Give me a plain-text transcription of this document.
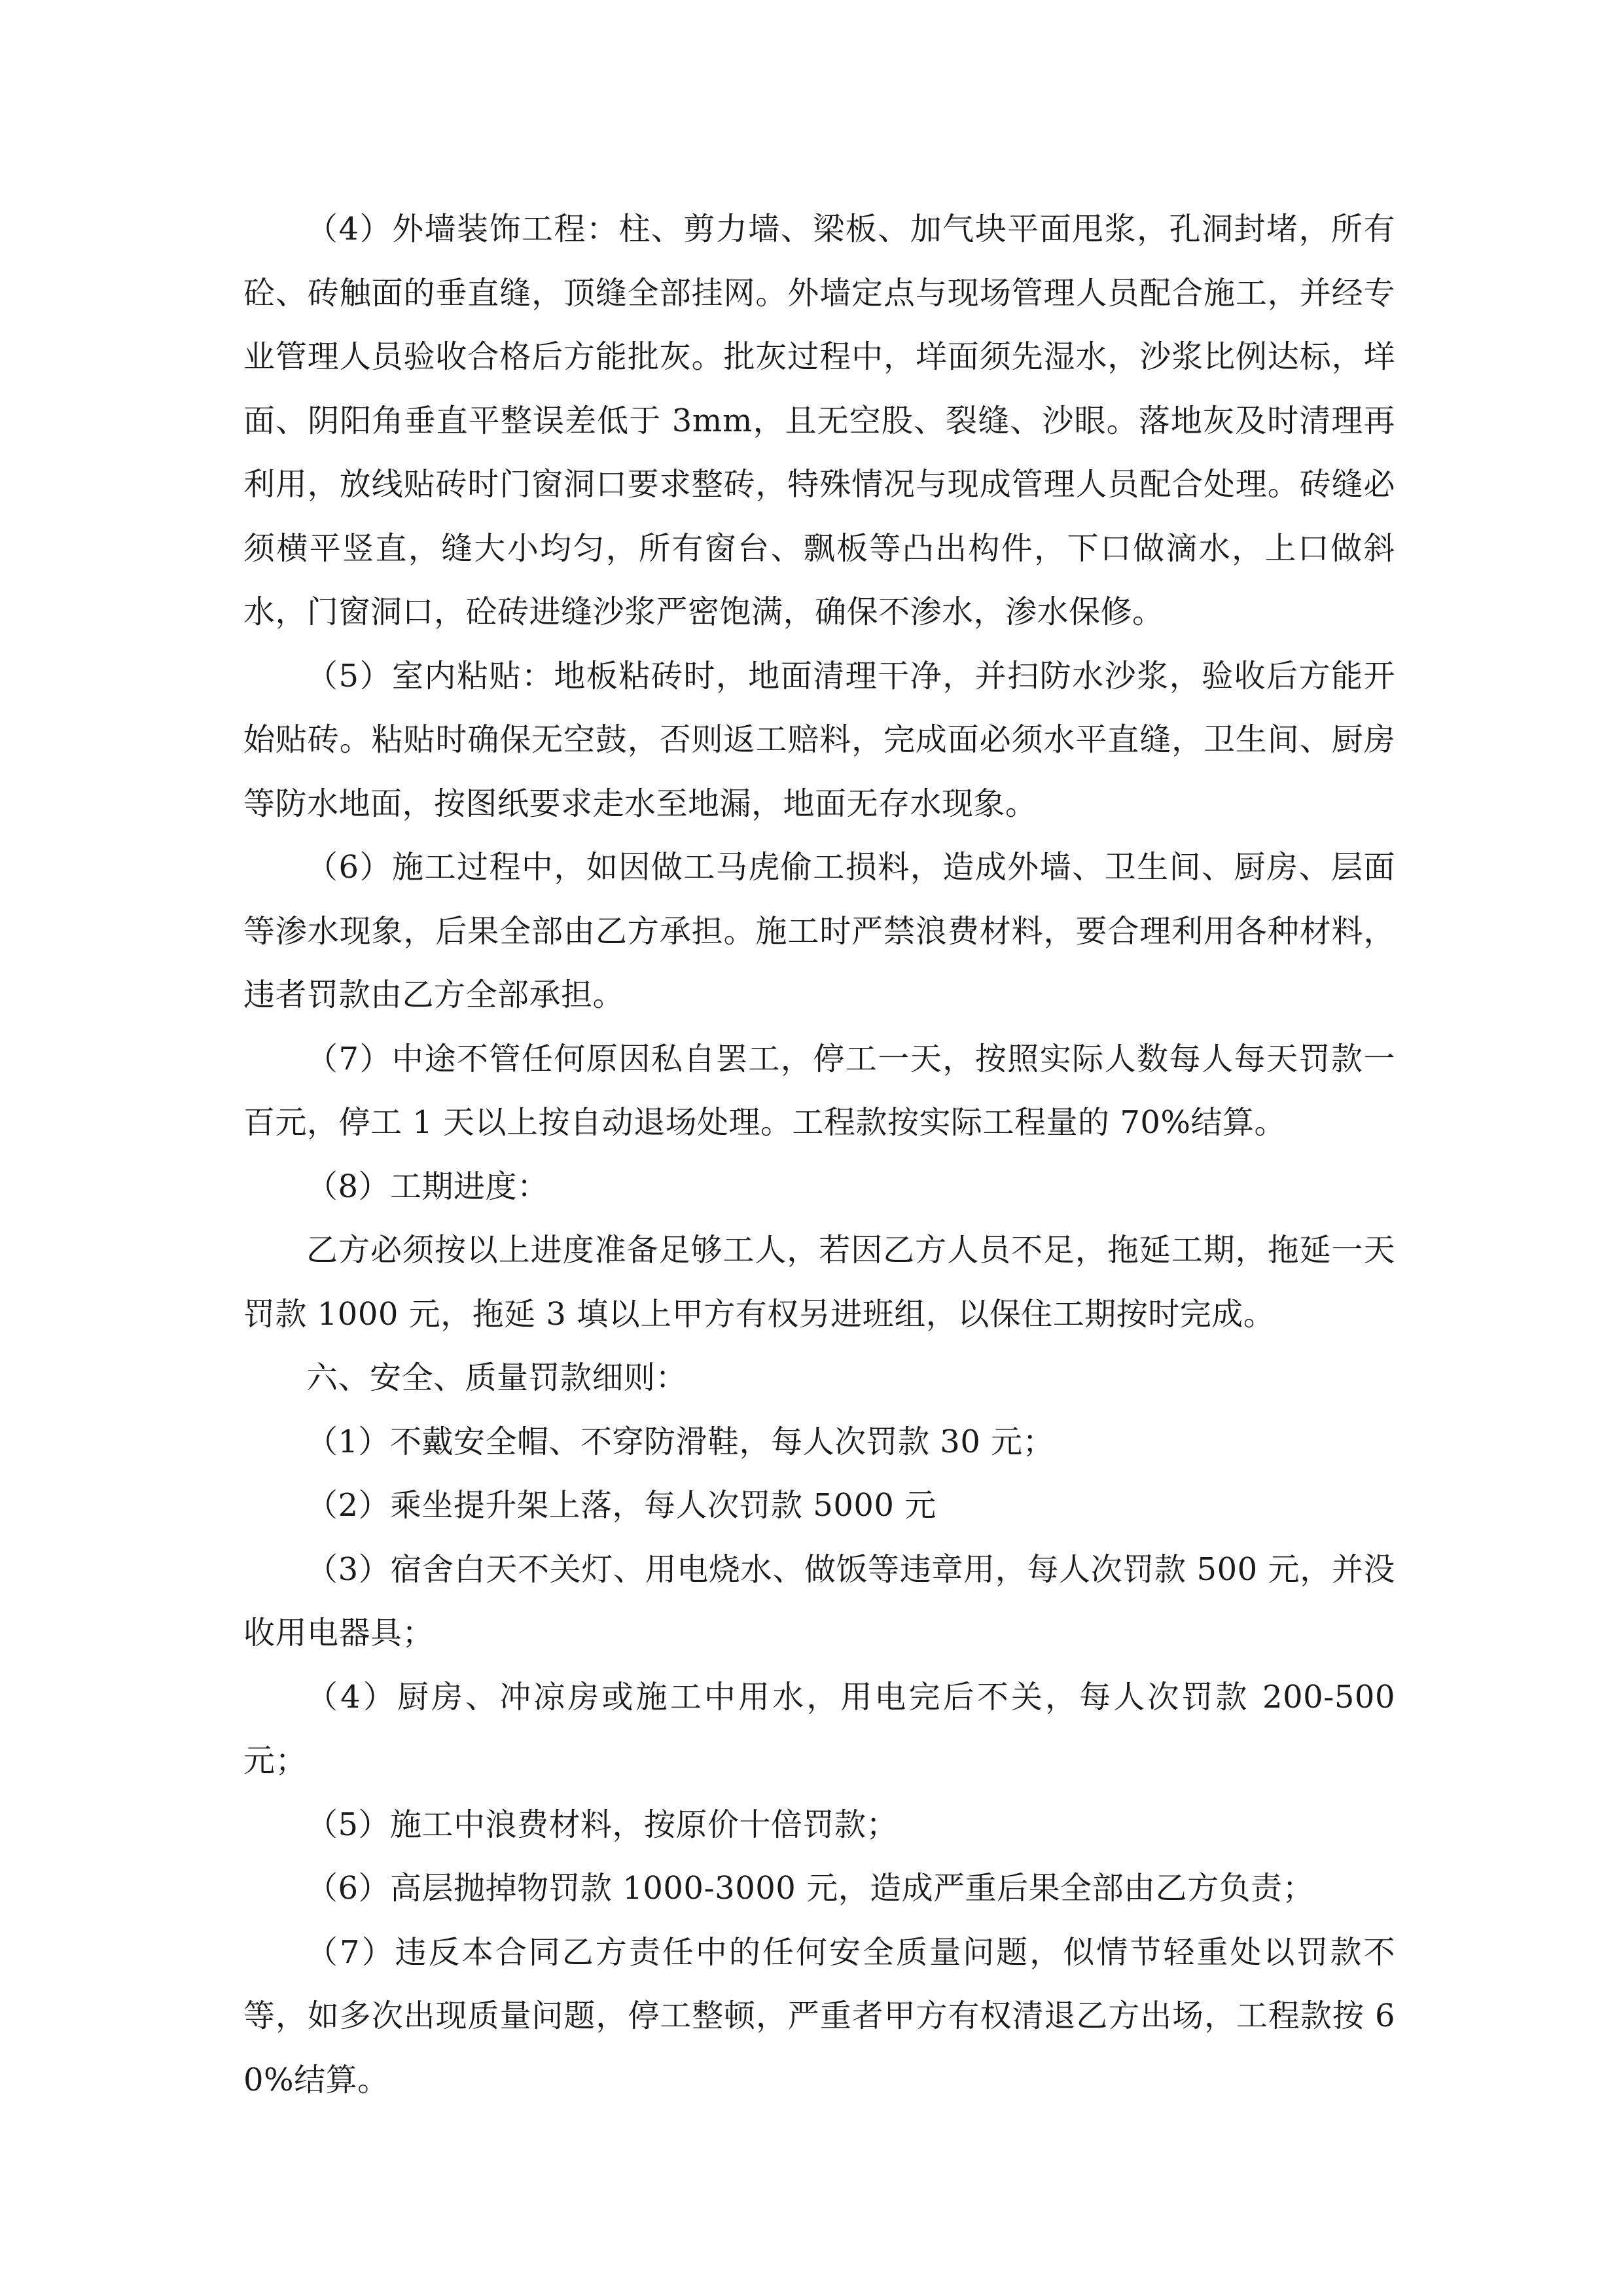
（4）外墙装饰工程：柱、剪力墙、梁板、加气块平面甩浆，孔洞封堵，所有砼、砖触面的垂直缝，顶缝全部挂网。外墙定点与现场管理人员配合施工，并经专业管理人员验收合格后方能批灰。批灰过程中，垟面须先湿水，沙浆比例达标，垟面、阴阳角垂直平整误差低于 3mm，且无空股、裂缝、沙眼。落地灰及时清理再利用，放线贴砖时门窗洞口要求整砖，特殊情况与现成管理人员配合处理。砖缝必须横平竖直，缝大小均匀，所有窗台、飘板等凸出构件，下口做滴水，上口做斜水，门窗洞口，砼砖进缝沙浆严密饱满，确保不渗水，渗水保修。

（5）室内粘贴：地板粘砖时，地面清理干净，并扫防水沙浆，验收后方能开始贴砖。粘贴时确保无空鼓，否则返工赔料，完成面必须水平直缝，卫生间、厨房等防水地面，按图纸要求走水至地漏，地面无存水现象。

（6）施工过程中，如因做工马虎偷工损料，造成外墙、卫生间、厨房、层面等渗水现象，后果全部由乙方承担。施工时严禁浪费材料，要合理利用各种材料，违者罚款由乙方全部承担。

（7）中途不管任何原因私自罢工，停工一天，按照实际人数每人每天罚款一百元，停工 1 天以上按自动退场处理。工程款按实际工程量的 70%结算。

（8）工期进度：

乙方必须按以上进度准备足够工人，若因乙方人员不足，拖延工期，拖延一天罚款 1000 元，拖延 3 填以上甲方有权另进班组，以保住工期按时完成。

六、安全、质量罚款细则：

（1）不戴安全帽、不穿防滑鞋，每人次罚款 30 元；

（2）乘坐提升架上落，每人次罚款 5000 元

（3）宿舍白天不关灯、用电烧水、做饭等违章用，每人次罚款 500 元，并没收用电器具；

（4）厨房、冲凉房或施工中用水，用电完后不关，每人次罚款 200-500 元；

（5）施工中浪费材料，按原价十倍罚款；

（6）高层抛掉物罚款 1000-3000 元，造成严重后果全部由乙方负责；

（7）违反本合同乙方责任中的任何安全质量问题，似情节轻重处以罚款不等，如多次出现质量问题，停工整顿，严重者甲方有权清退乙方出场，工程款按 60%结算。
